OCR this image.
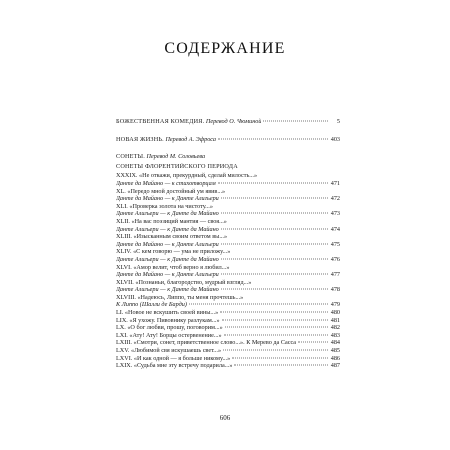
СОДЕРЖАНИЕ
БОЖЕСТВЕННАЯ КОМЕДИЯ. Перевод О. Чюминой	5
НОВАЯ ЖИЗНЬ. Перевод А. Эфроса	403
СОНЕТЫ. Перевод М. Соловьева
СОНЕТЫ ФЛОРЕНТИЙСКОГО ПЕРИОДА
XXXIX. «Не откажи, прекурдный, сделай милость...»
Данте да Майано — к стихотворцам	471
XL. «Передо мной достойный ум явив...»
Данте да Майано — к Данте Алигьери	472
XLI. «Проверка золота на чистоту...»
Данте Алигьери — к Данте да Майано	473
XLII. «На вас поэзиций мантия — своя...»
Данте Алигьери — к Данте да Майано	474
XLIII. «Изысканным своим ответом вы...»
Данте да Майано — к Данте Алигьери	475
XLIV. «С кем говорю — ума не приложу...»
Данте Алигьери — к Данте да Майано	476
XLVI. «Амор велит, чтоб верно я любил...»
Данте да Майано — к Данте Алигьери	477
XLVII. «Познаньи, благородство, мудрый взгляд...»
Данте Алигьери — к Данте да Майано	478
XLVIII. «Надеюсь, Липпо, ты меня прочтешь...»
К Липпо (Шалли де Барди)	479
LI. «Новое не вскушить своей вины...»	480
LIX. «Я ухожу. Пивовнику разлукам...»	481
LX. «О бог любви, прошу, поговорим...»	482
LXI. «Ату! Ату! Борцы остервенение...»	483
LXIII. «Смотри, сонет, приветственное слово...». К Мерево да Сасса	484
LXV. «Любимой свя искушаешь свет...»	485
LXVI. «И как одной — я больше никому...»	486
LXIX. «Судьба мне эту встречу подарила...»	487
606
